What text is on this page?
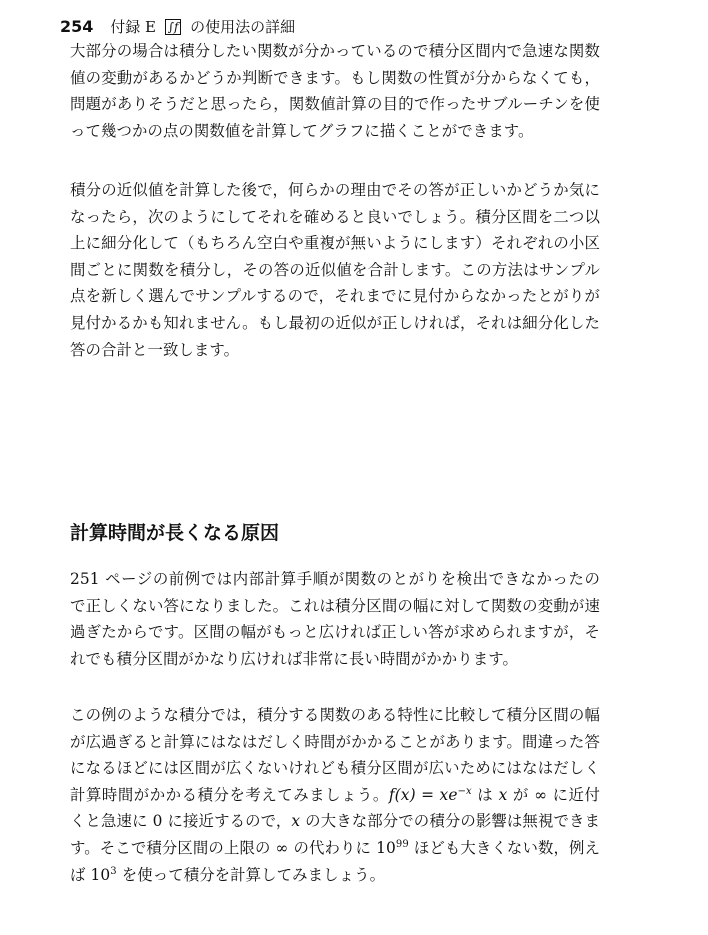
254 付録 E ∫f の使用法の詳細

大部分の場合は積分したい関数が分かっているので積分区間内で急速な関数値の変動があるかどうか判断できます。もし関数の性質が分からなくても，問題がありそうだと思ったら，関数値計算の目的で作ったサブルーチンを使って幾つかの点の関数値を計算してグラフに描くことができます。

積分の近似値を計算した後で，何らかの理由でその答が正しいかどうか気になったら，次のようにしてそれを確めると良いでしょう。積分区間を二つ以上に細分化して（もちろん空白や重複が無いようにします）それぞれの小区間ごとに関数を積分し，その答の近似値を合計します。この方法はサンプル点を新しく選んでサンプルするので，それまでに見付からなかったとがりが見付かるかも知れません。もし最初の近似が正しければ，それは細分化した答の合計と一致します。

計算時間が長くなる原因

251 ページの前例では内部計算手順が関数のとがりを検出できなかったので正しくない答になりました。これは積分区間の幅に対して関数の変動が速過ぎたからです。区間の幅がもっと広ければ正しい答が求められますが，それでも積分区間がかなり広ければ非常に長い時間がかかります。

この例のような積分では，積分する関数のある特性に比較して積分区間の幅が広過ぎると計算にはなはだしく時間がかかることがあります。間違った答になるほどには区間が広くないけれども積分区間が広いためにはなはだしく計算時間がかかる積分を考えてみましょう。$f(x) = xe^{-x}$ は x が ∞ に近付くと急速に 0 に接近するので，x の大きな部分での積分の影響は無視できます。そこで積分区間の上限の ∞ の代わりに $10^{99}$ ほども大きくない数，例えば $10^3$ を使って積分を計算してみましょう。
